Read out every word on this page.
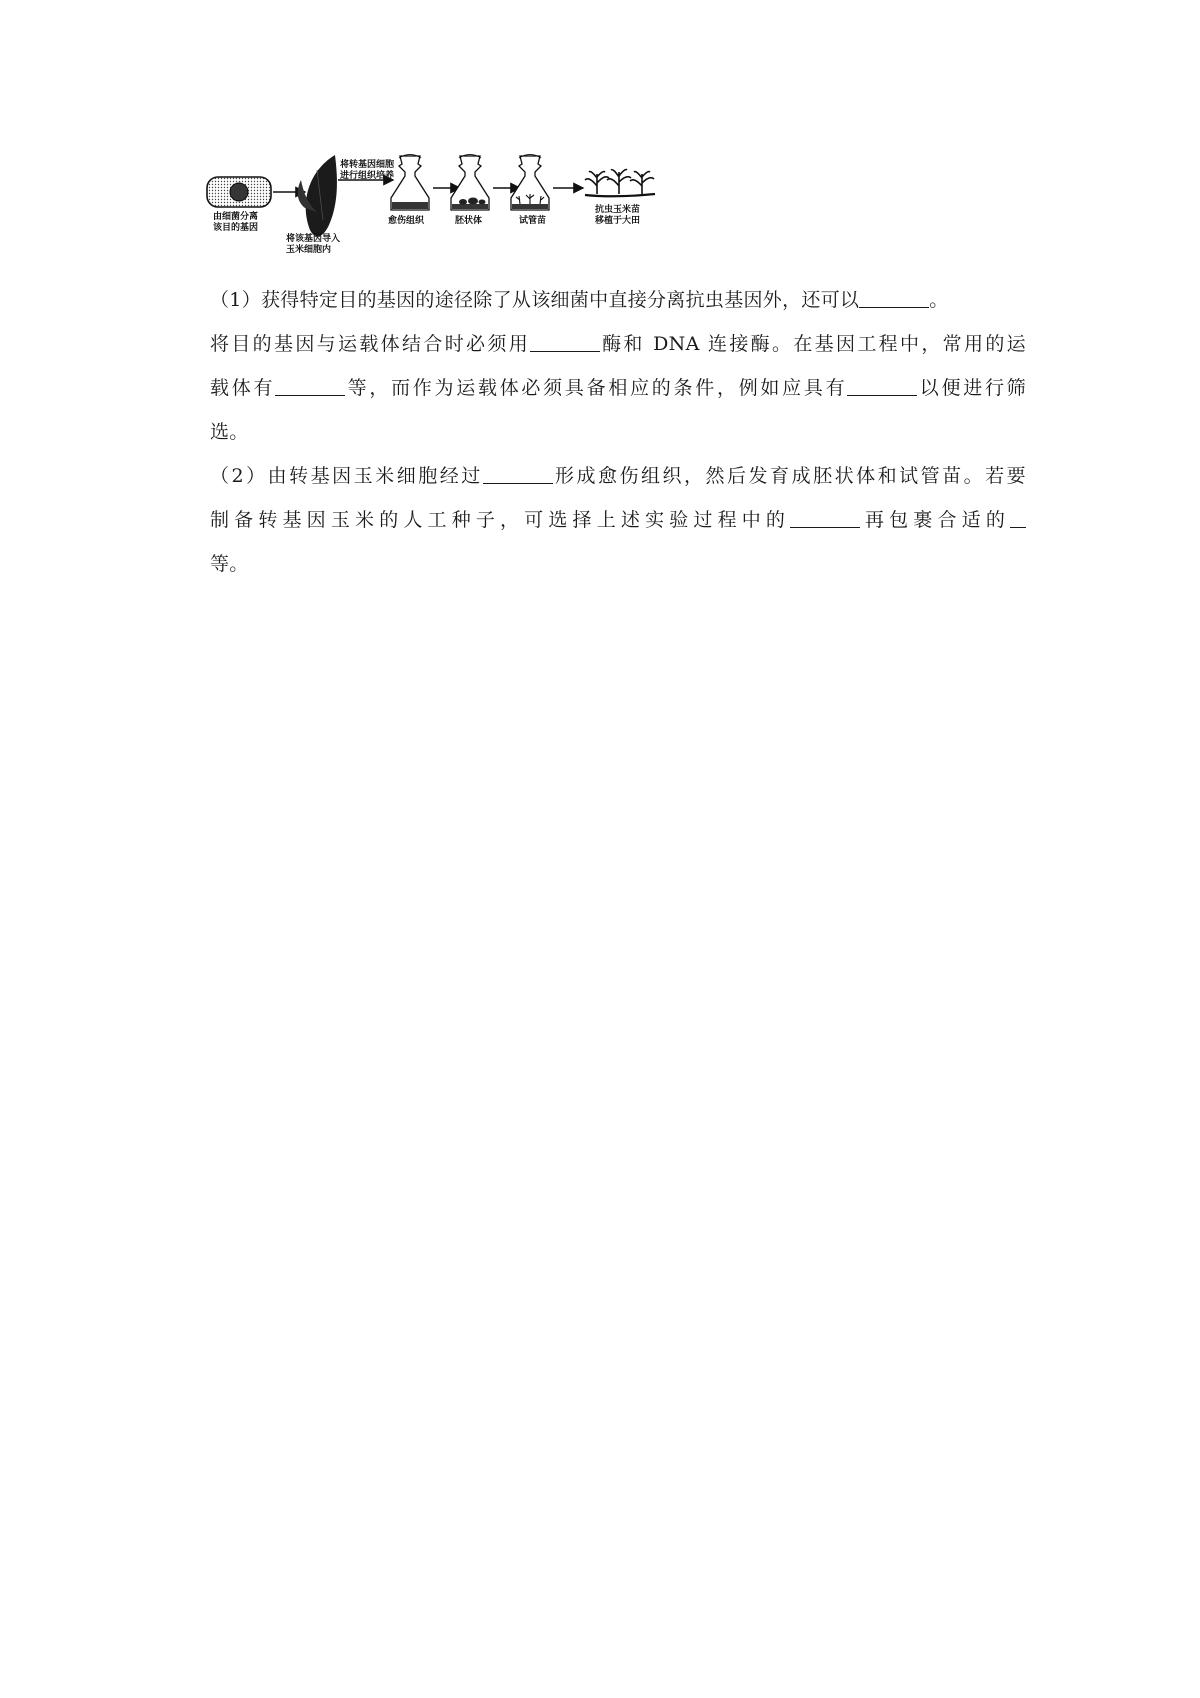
由细菌分离
该目的基因
将该基因导入
玉米细胞内
将转基因细胞
进行组织培养
愈伤组织	胚状体	试管苗
抗虫玉米苗
移植于大田
（1）获得特定目的基因的途径除了从该细菌中直接分离抗虫基因外，还可以	。
将目的基因与运载体结合时必须用	酶和 DNA 连接酶。在基因工程中，常用的运
载体有	等，而作为运载体必须具备相应的条件，例如应具有	以便进行筛
选。
（2）由转基因玉米细胞经过	形成愈伤组织，然后发育成胚状体和试管苗。若要
制备转基因玉米的人工种子，可选择上述实验过程中的	再包裹合适的
等。
